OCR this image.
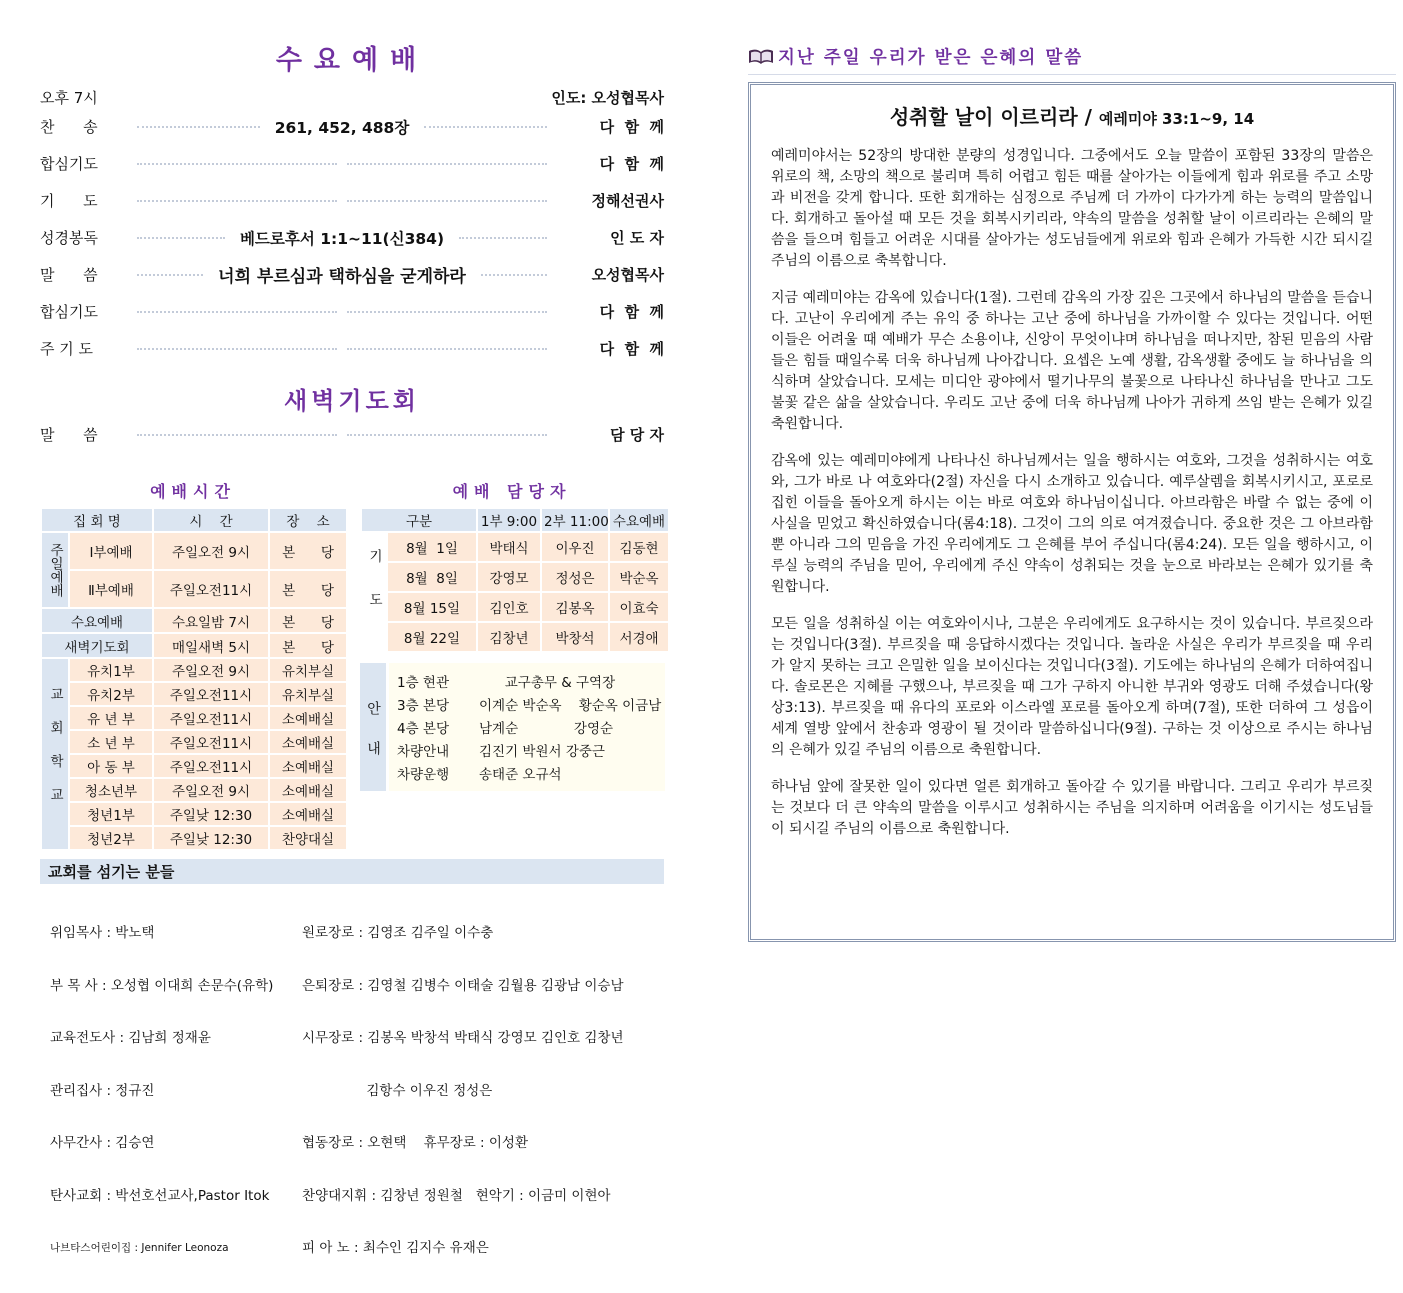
수요예배
오후 7시	인도: 오성협목사
찬      송	261, 452, 488장	다  함  께
합심기도	다  함  께
기      도	정해선권사
성경봉독	베드로후서 1:1~11(신384)	인 도 자
말      씀	너희 부르심과 택하심을 굳게하라	오성협목사
합심기도	다  함  께
주 기 도	다  함  께
새벽기도회
말      씀	담 당 자
예배시간
집 회 명		시    간	장    소
주일예배	Ⅰ부예배	주일오전 9시	본      당
	Ⅱ부예배	주일오전11시	본      당
수요예배		수요일밤 7시	본      당
새벽기도회		매일새벽 5시	본      당
교회학교	유치1부	주일오전 9시	유치부실
	유치2부	주일오전11시	유치부실
	유 년 부	주일오전11시	소예배실
	소 년 부	주일오전11시	소예배실
	아 동 부	주일오전11시	소예배실
	청소년부	주일오전 9시	소예배실
	청년1부	주일낮 12:30	소예배실
	청년2부	주일낮 12:30	찬양대실
예배 담당자
구분		1부 9:00	2부 11:00	수요예배
기도	8월  1일	박태식	이우진	김동현
	8월  8일	강영모	정성은	박순옥
	8월 15일	김인호	김봉옥	이효숙
	8월 22일	김창년	박창석	서경애
안내
1층 현관	교구총무 & 구역장
3층 본당	이계순 박순옥    황순옥 이금남
4층 본당	남계순             강영순
차량안내	김진기 박원서 강중근
차량운행	송태준 오규석
교회를 섬기는 분들

위임목사 : 박노택

부 목 사 : 오성협 이대희 손문수(유학)

교육전도사 : 김남희 정재윤

관리집사 : 정규진

사무간사 : 김승연

탄사교회 : 박선호선교사,Pastor Itok

나브타스어린이집 : Jennifer Leonoza

원로장로 : 김영조 김주일 이수충

은퇴장로 : 김영철 김병수 이태술 김월용 김광남 이승남

시무장로 : 김봉옥 박창석 박태식 강영모 김인호 김창년

김항수 이우진 정성은

협동장로 : 오현택    휴무장로 : 이성환

찬양대지휘 : 김창년 정원철   현악기 : 이금미 이현아

피 아 노 : 최수인 김지수 유재은

지난 주일 우리가 받은 은혜의 말씀
성취할 날이 이르리라 / 예레미야 33:1~9, 14

예레미야서는 52장의 방대한 분량의 성경입니다. 그중에서도 오늘 말씀이 포함된 33장의 말씀은 위로의 책, 소망의 책으로 불리며 특히 어렵고 힘든 때를 살아가는 이들에게 힘과 위로를 주고 소망과 비전을 갖게 합니다. 또한 회개하는 심정으로 주님께 더 가까이 다가가게 하는 능력의 말씀입니다. 회개하고 돌아설 때 모든 것을 회복시키리라, 약속의 말씀을 성취할 날이 이르리라는 은혜의 말씀을 들으며 힘들고 어려운 시대를 살아가는 성도님들에게 위로와 힘과 은혜가 가득한 시간 되시길 주님의 이름으로 축복합니다.

지금 예레미야는 감옥에 있습니다(1절). 그런데 감옥의 가장 깊은 그곳에서 하나님의 말씀을 듣습니다. 고난이 우리에게 주는 유익 중 하나는 고난 중에 하나님을 가까이할 수 있다는 것입니다. 어떤 이들은 어려울 때 예배가 무슨 소용이냐, 신앙이 무엇이냐며 하나님을 떠나지만, 참된 믿음의 사람들은 힘들 때일수록 더욱 하나님께 나아갑니다. 요셉은 노예 생활, 감옥생활 중에도 늘 하나님을 의식하며 살았습니다. 모세는 미디안 광야에서 떨기나무의 불꽃으로 나타나신 하나님을 만나고 그도 불꽃 같은 삶을 살았습니다. 우리도 고난 중에 더욱 하나님께 나아가 귀하게 쓰임 받는 은혜가 있길 축원합니다.

감옥에 있는 예레미야에게 나타나신 하나님께서는 일을 행하시는 여호와, 그것을 성취하시는 여호와, 그가 바로 나 여호와다(2절) 자신을 다시 소개하고 있습니다. 예루살렘을 회복시키시고, 포로로 집힌 이들을 돌아오게 하시는 이는 바로 여호와 하나님이십니다. 아브라함은 바랄 수 없는 중에 이 사실을 믿었고 확신하였습니다(롬4:18). 그것이 그의 의로 여겨졌습니다. 중요한 것은 그 아브라함뿐 아니라 그의 믿음을 가진 우리에게도 그 은혜를 부어 주십니다(롬4:24). 모든 일을 행하시고, 이루실 능력의 주님을 믿어, 우리에게 주신 약속이 성취되는 것을 눈으로 바라보는 은혜가 있기를 축원합니다.

모든 일을 성취하실 이는 여호와이시나, 그분은 우리에게도 요구하시는 것이 있습니다. 부르짖으라는 것입니다(3절). 부르짖을 때 응답하시겠다는 것입니다. 놀라운 사실은 우리가 부르짖을 때 우리가 알지 못하는 크고 은밀한 일을 보이신다는 것입니다(3절). 기도에는 하나님의 은혜가 더하여집니다. 솔로몬은 지혜를 구했으나, 부르짖을 때 그가 구하지 아니한 부귀와 영광도 더해 주셨습니다(왕상3:13). 부르짖을 때 유다의 포로와 이스라엘 포로를 돌아오게 하며(7절), 또한 더하여 그 성읍이 세계 열방 앞에서 찬송과 영광이 될 것이라 말씀하십니다(9절). 구하는 것 이상으로 주시는 하나님의 은혜가 있길 주님의 이름으로 축원합니다.

하나님 앞에 잘못한 일이 있다면 얼른 회개하고 돌아갈 수 있기를 바랍니다. 그리고 우리가 부르짖는 것보다 더 큰 약속의 말씀을 이루시고 성취하시는 주님을 의지하며 어려움을 이기시는 성도님들이 되시길 주님의 이름으로 축원합니다.
